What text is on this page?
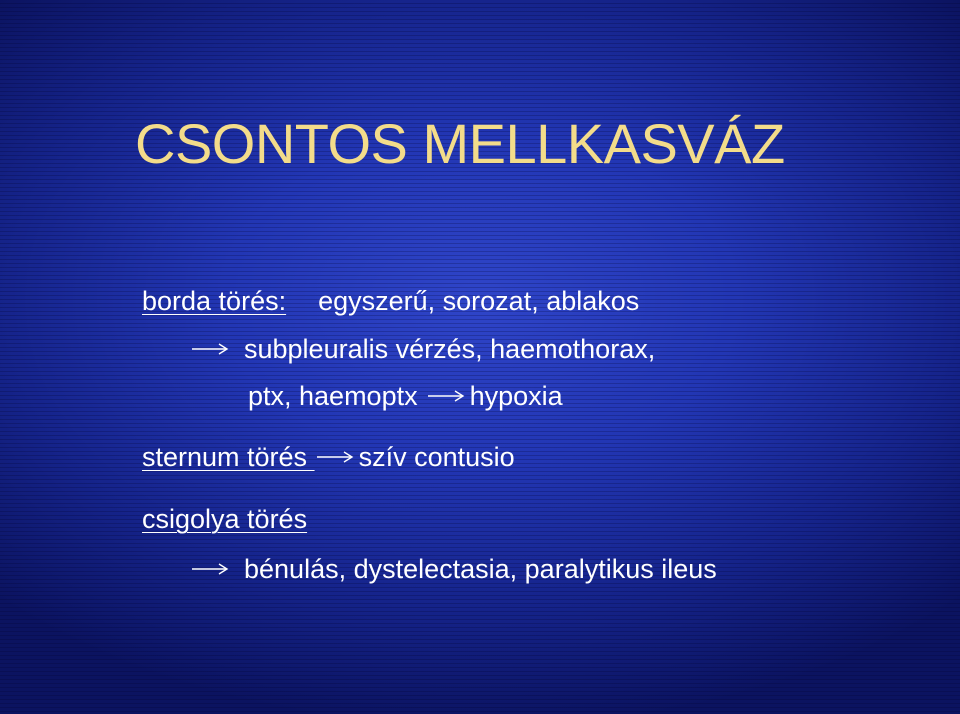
CSONTOS MELLKASVÁZ
borda törés: egyszerű, sorozat, ablakos
subpleuralis vérzés, haemothorax,
ptx, haemoptx hypoxia
sternum törés
szív contusio
csigolya törés
bénulás, dystelectasia, paralytikus ileus
